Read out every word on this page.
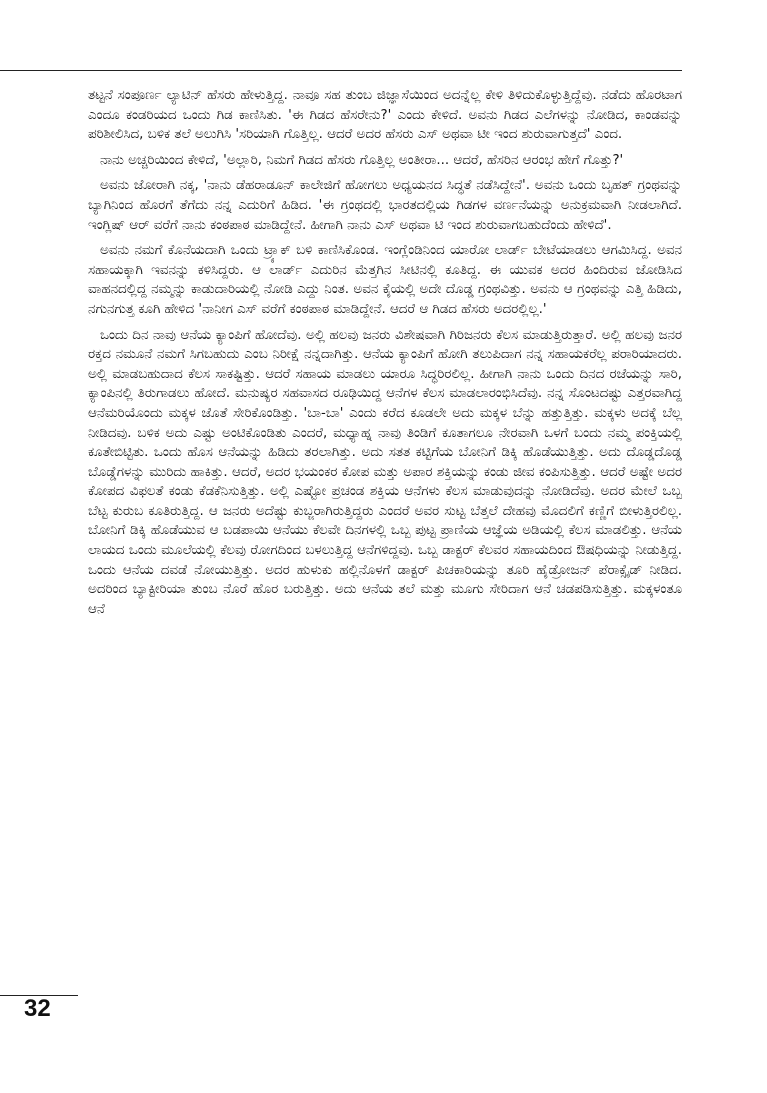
ತಟ್ಟನೆ ಸಂಪೂರ್ಣ ಲ್ಯಾಟಿನ್ ಹೆಸರು ಹೇಳುತ್ತಿದ್ದ. ನಾವೂ ಸಹ ತುಂಬ ಜಿಜ್ಞಾಸೆಯಿಂದ ಅದನ್ನೆಲ್ಲ ಕೇಳಿ ತಿಳಿದುಕೊಳ್ಳುತ್ತಿದ್ದೆವು. ನಡೆದು ಹೊರಟಾಗ ಎಂದೂ ಕಂಡರಿಯದ ಒಂದು ಗಿಡ ಕಾಣಿಸಿತು. 'ಈ ಗಿಡದ ಹೆಸರೇನು?' ಎಂದು ಕೇಳಿದೆ. ಅವನು ಗಿಡದ ಎಲೆಗಳನ್ನು ನೋಡಿದ, ಕಾಂಡವನ್ನು ಪರಿಶೀಲಿಸಿದ, ಬಳಿಕ ತಲೆ ಅಲುಗಿಸಿ 'ಸರಿಯಾಗಿ ಗೊತ್ತಿಲ್ಲ. ಆದರೆ ಅದರ ಹೆಸರು ಎಸ್ ಅಥವಾ ಟೀ ಇಂದ ಶುರುವಾಗುತ್ತದೆ' ಎಂದ.

ನಾನು ಅಚ್ಚರಿಯಿಂದ ಕೇಳಿದೆ, 'ಅಲ್ಲಾರಿ, ನಿಮಗೆ ಗಿಡದ ಹೆಸರು ಗೊತ್ತಿಲ್ಲ ಅಂತೀರಾ... ಆದರೆ, ಹೆಸರಿನ ಆರಂಭ ಹೇಗೆ ಗೊತ್ತು?'

ಅವನು ಜೋರಾಗಿ ನಕ್ಕ, 'ನಾನು ಡೆಹರಾಡೂನ್ ಕಾಲೇಜಿಗೆ ಹೋಗಲು ಅಧ್ಯಯನದ ಸಿದ್ಧತೆ ನಡೆಸಿದ್ದೇನೆ'. ಅವನು ಒಂದು ಬೃಹತ್ ಗ್ರಂಥವನ್ನು ಬ್ಯಾಗಿನಿಂದ ಹೊರಗೆ ತೆಗೆದು ನನ್ನ ಎದುರಿಗೆ ಹಿಡಿದ. 'ಈ ಗ್ರಂಥದಲ್ಲಿ ಭಾರತದಲ್ಲಿಯ ಗಿಡಗಳ ವರ್ಣನೆಯನ್ನು ಅನುಕ್ರಮವಾಗಿ ನೀಡಲಾಗಿದೆ. ಇಂಗ್ಲಿಷ್ ಆರ್ ವರೆಗೆ ನಾನು ಕಂಠಪಾಠ ಮಾಡಿದ್ದೇನೆ. ಹೀಗಾಗಿ ನಾನು ಎಸ್ ಅಥವಾ ಟಿ ಇಂದ ಶುರುವಾಗಬಹುದೆಂದು ಹೇಳಿದೆ'.

ಅವನು ನಮಗೆ ಕೊನೆಯದಾಗಿ ಒಂದು ಟ್ರ್ಯಾಕ್ ಬಳಿ ಕಾಣಿಸಿಕೊಂಡ. ಇಂಗ್ಲೆಂಡಿನಿಂದ ಯಾರೋ ಲಾರ್ಡ್ ಬೇಟೆಯಾಡಲು ಆಗಮಿಸಿದ್ದ. ಅವನ ಸಹಾಯಕ್ಕಾಗಿ ಇವನನ್ನು ಕಳಿಸಿದ್ದರು. ಆ ಲಾರ್ಡ್ ಎದುರಿನ ಮೆತ್ತಗಿನ ಸೀಟಿನಲ್ಲಿ ಕೂತಿದ್ದ. ಈ ಯುವಕ ಅದರ ಹಿಂದಿರುವ ಜೋಡಿಸಿದ ವಾಹನದಲ್ಲಿದ್ದ ನಮ್ಮನ್ನು ಕಾಡುದಾರಿಯಲ್ಲಿ ನೋಡಿ ಎದ್ದು ನಿಂತ. ಅವನ ಕೈಯಲ್ಲಿ ಅದೇ ದೊಡ್ಡ ಗ್ರಂಥವಿತ್ತು. ಅವನು ಆ ಗ್ರಂಥವನ್ನು ಎತ್ತಿ ಹಿಡಿದು, ನಗುನಗುತ್ತ ಕೂಗಿ ಹೇಳಿದ 'ನಾನೀಗ ಎಸ್ ವರೆಗೆ ಕಂಠಪಾಠ ಮಾಡಿದ್ದೇನೆ. ಆದರೆ ಆ ಗಿಡದ ಹೆಸರು ಅದರಲ್ಲಿಲ್ಲ.'

ಒಂದು ದಿನ ನಾವು ಆನೆಯ ಕ್ಯಾಂಪಿಗೆ ಹೋದೆವು. ಅಲ್ಲಿ ಹಲವು ಜನರು ವಿಶೇಷವಾಗಿ ಗಿರಿಜನರು ಕೆಲಸ ಮಾಡುತ್ತಿರುತ್ತಾರೆ. ಅಲ್ಲಿ ಹಲವು ಜನರ ರಕ್ತದ ನಮೂನೆ ನಮಗೆ ಸಿಗಬಹುದು ಎಂಬ ನಿರೀಕ್ಷೆ ನನ್ನದಾಗಿತ್ತು. ಆನೆಯ ಕ್ಯಾಂಪಿಗೆ ಹೋಗಿ ತಲುಪಿದಾಗ ನನ್ನ ಸಹಾಯಕರೆಲ್ಲ ಪರಾರಿಯಾದರು. ಅಲ್ಲಿ ಮಾಡಬಹುದಾದ ಕೆಲಸ ಸಾಕಷ್ಟಿತ್ತು. ಆದರೆ ಸಹಾಯ ಮಾಡಲು ಯಾರೂ ಸಿದ್ಧರಿರಲಿಲ್ಲ. ಹೀಗಾಗಿ ನಾನು ಒಂದು ದಿನದ ರಜೆಯನ್ನು ಸಾರಿ, ಕ್ಯಾಂಪಿನಲ್ಲಿ ತಿರುಗಾಡಲು ಹೋದೆ. ಮನುಷ್ಯರ ಸಹವಾಸದ ರೂಢಿಯಿದ್ದ ಆನೆಗಳ ಕೆಲಸ ಮಾಡಲಾರಂಭಿಸಿದೆವು. ನನ್ನ ಸೊಂಟದಷ್ಟು ಎತ್ತರವಾಗಿದ್ದ ಆನೆಮರಿಯೊಂದು ಮಕ್ಕಳ ಜೊತೆ ಸೇರಿಕೊಂಡಿತ್ತು. 'ಬಾ-ಬಾ' ಎಂದು ಕರೆದ ಕೂಡಲೇ ಅದು ಮಕ್ಕಳ ಬೆನ್ನು ಹತ್ತುತ್ತಿತ್ತು. ಮಕ್ಕಳು ಅದಕ್ಕೆ ಬೆಲ್ಲ ನೀಡಿದವು. ಬಳಿಕ ಅದು ಎಷ್ಟು ಅಂಟಿಕೊಂಡಿತು ಎಂದರೆ, ಮಧ್ಯಾಹ್ನ ನಾವು ತಿಂಡಿಗೆ ಕೂತಾಗಲೂ ನೇರವಾಗಿ ಒಳಗೆ ಬಂದು ನಮ್ಮ ಪಂಕ್ತಿಯಲ್ಲಿ ಕೂತೇಬಿಟ್ಟಿತು. ಒಂದು ಹೊಸ ಆನೆಯನ್ನು ಹಿಡಿದು ತರಲಾಗಿತ್ತು. ಅದು ಸತತ ಕಟ್ಟಿಗೆಯ ಬೋನಿಗೆ ಡಿಕ್ಕಿ ಹೊಡೆಯುತ್ತಿತ್ತು. ಅದು ದೊಡ್ಡದೊಡ್ಡ ಬೊಡ್ಡೆಗಳನ್ನು ಮುರಿದು ಹಾಕಿತ್ತು. ಆದರೆ, ಅದರ ಭಯಂಕರ ಕೋಪ ಮತ್ತು ಅಪಾರ ಶಕ್ತಿಯನ್ನು ಕಂಡು ಜೀವ ಕಂಪಿಸುತ್ತಿತ್ತು. ಆದರೆ ಅಷ್ಟೇ ಅದರ ಕೋಪದ ವಿಫಲತೆ ಕಂಡು ಕೆಡಕೆನಿಸುತ್ತಿತ್ತು. ಅಲ್ಲಿ ಎಷ್ಟೋ ಪ್ರಚಂಡ ಶಕ್ತಿಯ ಆನೆಗಳು ಕೆಲಸ ಮಾಡುವುದನ್ನು ನೋಡಿದೆವು. ಅದರ ಮೇಲೆ ಒಬ್ಬ ಬೆಟ್ಟ ಕುರುಬ ಕೂತಿರುತ್ತಿದ್ದ. ಆ ಜನರು ಅದೆಷ್ಟು ಕುಬ್ಜರಾಗಿರುತ್ತಿದ್ದರು ಎಂದರೆ ಅವರ ಸುಟ್ಟ ಬೆತ್ತಲೆ ದೇಹವು ಮೊದಲಿಗೆ ಕಣ್ಣಿಗೆ ಬೀಳುತ್ತಿರಲಿಲ್ಲ. ಬೋನಿಗೆ ಡಿಕ್ಕಿ ಹೊಡೆಯುವ ಆ ಬಡಪಾಯಿ ಆನೆಯು ಕೆಲವೇ ದಿನಗಳಲ್ಲಿ ಒಬ್ಬ ಪುಟ್ಟ ಪ್ರಾಣಿಯ ಆಜ್ಞೆಯ ಅಡಿಯಲ್ಲಿ ಕೆಲಸ ಮಾಡಲಿತ್ತು. ಆನೆಯ ಲಾಯದ ಒಂದು ಮೂಲೆಯಲ್ಲಿ ಕೆಲವು ರೋಗದಿಂದ ಬಳಲುತ್ತಿದ್ದ ಆನೆಗಳಿದ್ದವು. ಒಬ್ಬ ಡಾಕ್ಟರ್ ಕೆಲವರ ಸಹಾಯದಿಂದ ಔಷಧಿಯನ್ನು ನೀಡುತ್ತಿದ್ದ. ಒಂದು ಆನೆಯ ದವಡೆ ನೋಯುತ್ತಿತ್ತು. ಅದರ ಹುಳುಕು ಹಲ್ಲಿನೊಳಗೆ ಡಾಕ್ಟರ್ ಪಿಚಕಾರಿಯನ್ನು ತೂರಿ ಹೈಡ್ರೋಜನ್ ಪೆರಾಕ್ಸೈಡ್ ನೀಡಿದ. ಅದರಿಂದ ಬ್ಯಾಕ್ಟೀರಿಯಾ ತುಂಬ ನೊರೆ ಹೊರ ಬರುತ್ತಿತ್ತು. ಅದು ಆನೆಯ ತಲೆ ಮತ್ತು ಮೂಗು ಸೇರಿದಾಗ ಆನೆ ಚಡಪಡಿಸುತ್ತಿತ್ತು. ಮಕ್ಕಳಂತೂ ಆನೆ

32
